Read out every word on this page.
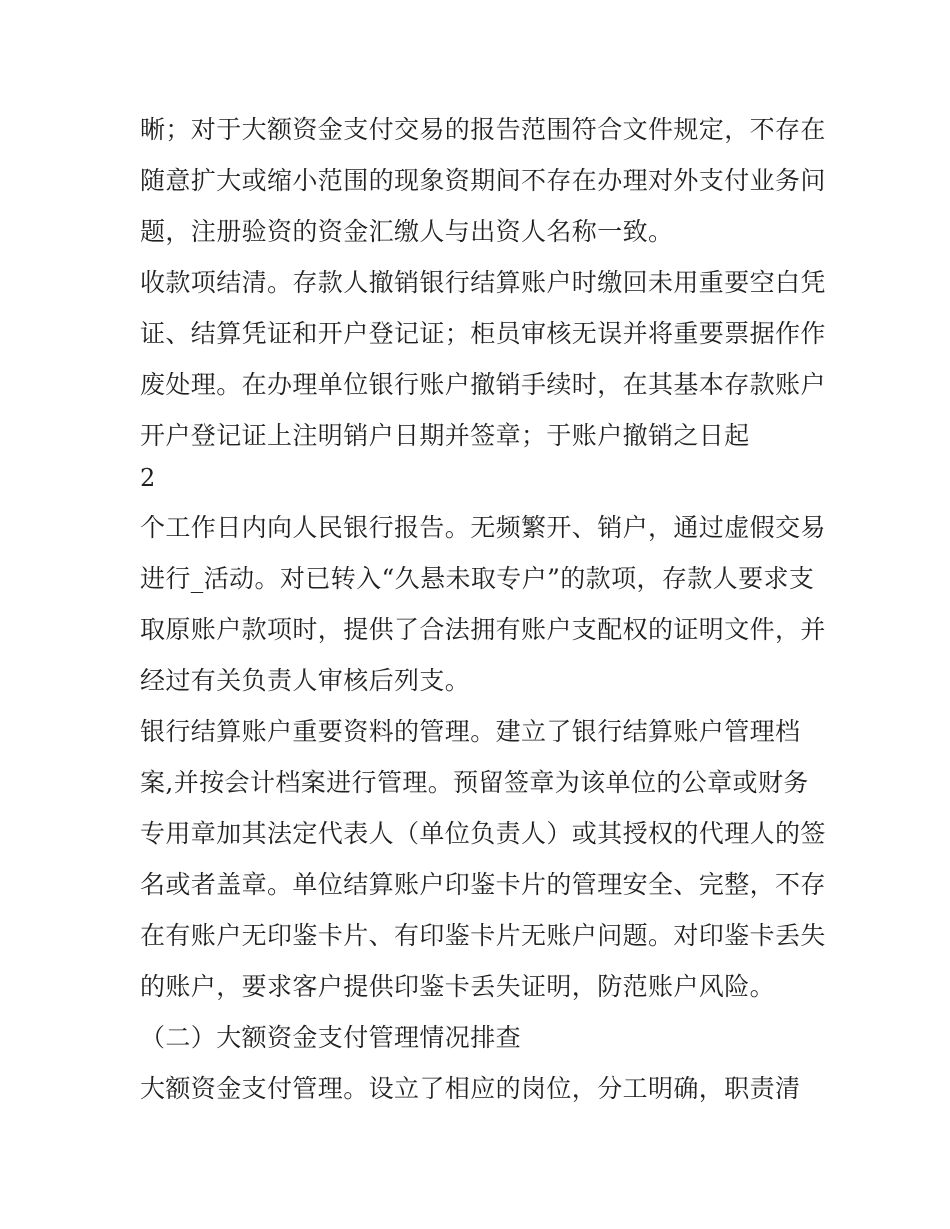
晰；对于大额资金支付交易的报告范围符合文件规定，不存在
随意扩大或缩小范围的现象资期间不存在办理对外支付业务问
题，注册验资的资金汇缴人与出资人名称一致。
收款项结清。存款人撤销银行结算账户时缴回未用重要空白凭
证、结算凭证和开户登记证；柜员审核无误并将重要票据作作
废处理。在办理单位银行账户撤销手续时，在其基本存款账户
开户登记证上注明销户日期并签章；于账户撤销之日起
2
个工作日内向人民银行报告。无频繁开、销户，通过虚假交易
进行_活动。对已转入“久悬未取专户”的款项，存款人要求支
取原账户款项时，提供了合法拥有账户支配权的证明文件，并
经过有关负责人审核后列支。
银行结算账户重要资料的管理。建立了银行结算账户管理档
案,并按会计档案进行管理。预留签章为该单位的公章或财务
专用章加其法定代表人（单位负责人）或其授权的代理人的签
名或者盖章。单位结算账户印鉴卡片的管理安全、完整，不存
在有账户无印鉴卡片、有印鉴卡片无账户问题。对印鉴卡丢失
的账户，要求客户提供印鉴卡丢失证明，防范账户风险。
（二）大额资金支付管理情况排查
大额资金支付管理。设立了相应的岗位，分工明确，职责清
